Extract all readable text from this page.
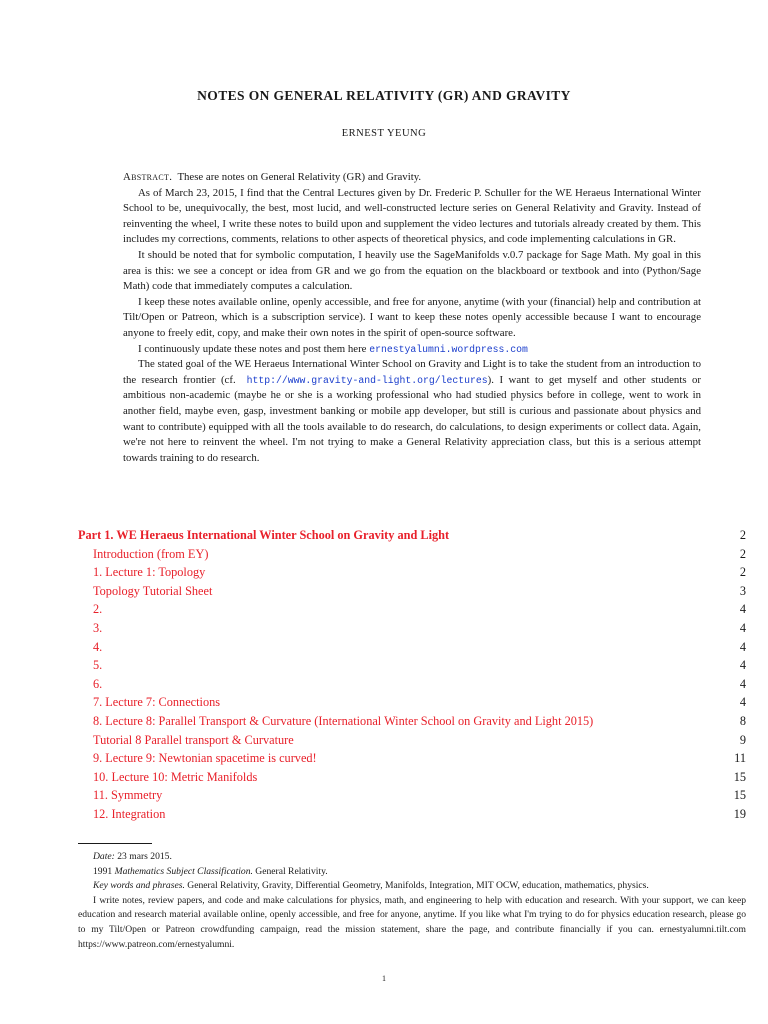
NOTES ON GENERAL RELATIVITY (GR) AND GRAVITY
ERNEST YEUNG

Abstract. These are notes on General Relativity (GR) and Gravity.

As of March 23, 2015, I find that the Central Lectures given by Dr. Frederic P. Schuller for the WE Heraeus International Winter School to be, unequivocally, the best, most lucid, and well-constructed lecture series on General Relativity and Gravity. Instead of reinventing the wheel, I write these notes to build upon and supplement the video lectures and tutorials already created by them. This includes my corrections, comments, relations to other aspects of theoretical physics, and code implementing calculations in GR.

It should be noted that for symbolic computation, I heavily use the SageManifolds v.0.7 package for Sage Math. My goal in this area is this: we see a concept or idea from GR and we go from the equation on the blackboard or textbook and into (Python/Sage Math) code that immediately computes a calculation.

I keep these notes available online, openly accessible, and free for anyone, anytime (with your (financial) help and contribution at Tilt/Open or Patreon, which is a subscription service). I want to keep these notes openly accessible because I want to encourage anyone to freely edit, copy, and make their own notes in the spirit of open-source software.

I continuously update these notes and post them here ernestyalumni.wordpress.com

The stated goal of the WE Heraeus International Winter School on Gravity and Light is to take the student from an introduction to the research frontier (cf. http://www.gravity-and-light.org/lectures). I want to get myself and other students or ambitious non-academic (maybe he or she is a working professional who had studied physics before in college, went to work in another field, maybe even, gasp, investment banking or mobile app developer, but still is curious and passionate about physics and want to contribute) equipped with all the tools available to do research, do calculations, to design experiments or collect data. Again, we're not here to reinvent the wheel. I'm not trying to make a General Relativity appreciation class, but this is a serious attempt towards training to do research.

Part 1. WE Heraeus International Winter School on Gravity and Light	2
Introduction (from EY)	2
1. Lecture 1: Topology	2
Topology Tutorial Sheet	3
2.	4
3.	4
4.	4
5.	4
6.	4
7. Lecture 7: Connections	4
8. Lecture 8: Parallel Transport & Curvature (International Winter School on Gravity and Light 2015)	8
Tutorial 8 Parallel transport & Curvature	9
9. Lecture 9: Newtonian spacetime is curved!	11
10. Lecture 10: Metric Manifolds	15
11. Symmetry	15
12. Integration	19

Date: 23 mars 2015.

1991 Mathematics Subject Classification. General Relativity.

Key words and phrases. General Relativity, Gravity, Differential Geometry, Manifolds, Integration, MIT OCW, education, mathematics, physics.

I write notes, review papers, and code and make calculations for physics, math, and engineering to help with education and research. With your support, we can keep education and research material available online, openly accessible, and free for anyone, anytime. If you like what I'm trying to do for physics education research, please go to my Tilt/Open or Patreon crowdfunding campaign, read the mission statement, share the page, and contribute financially if you can. ernestyalumni.tilt.com https://www.patreon.com/ernestyalumni.

1
